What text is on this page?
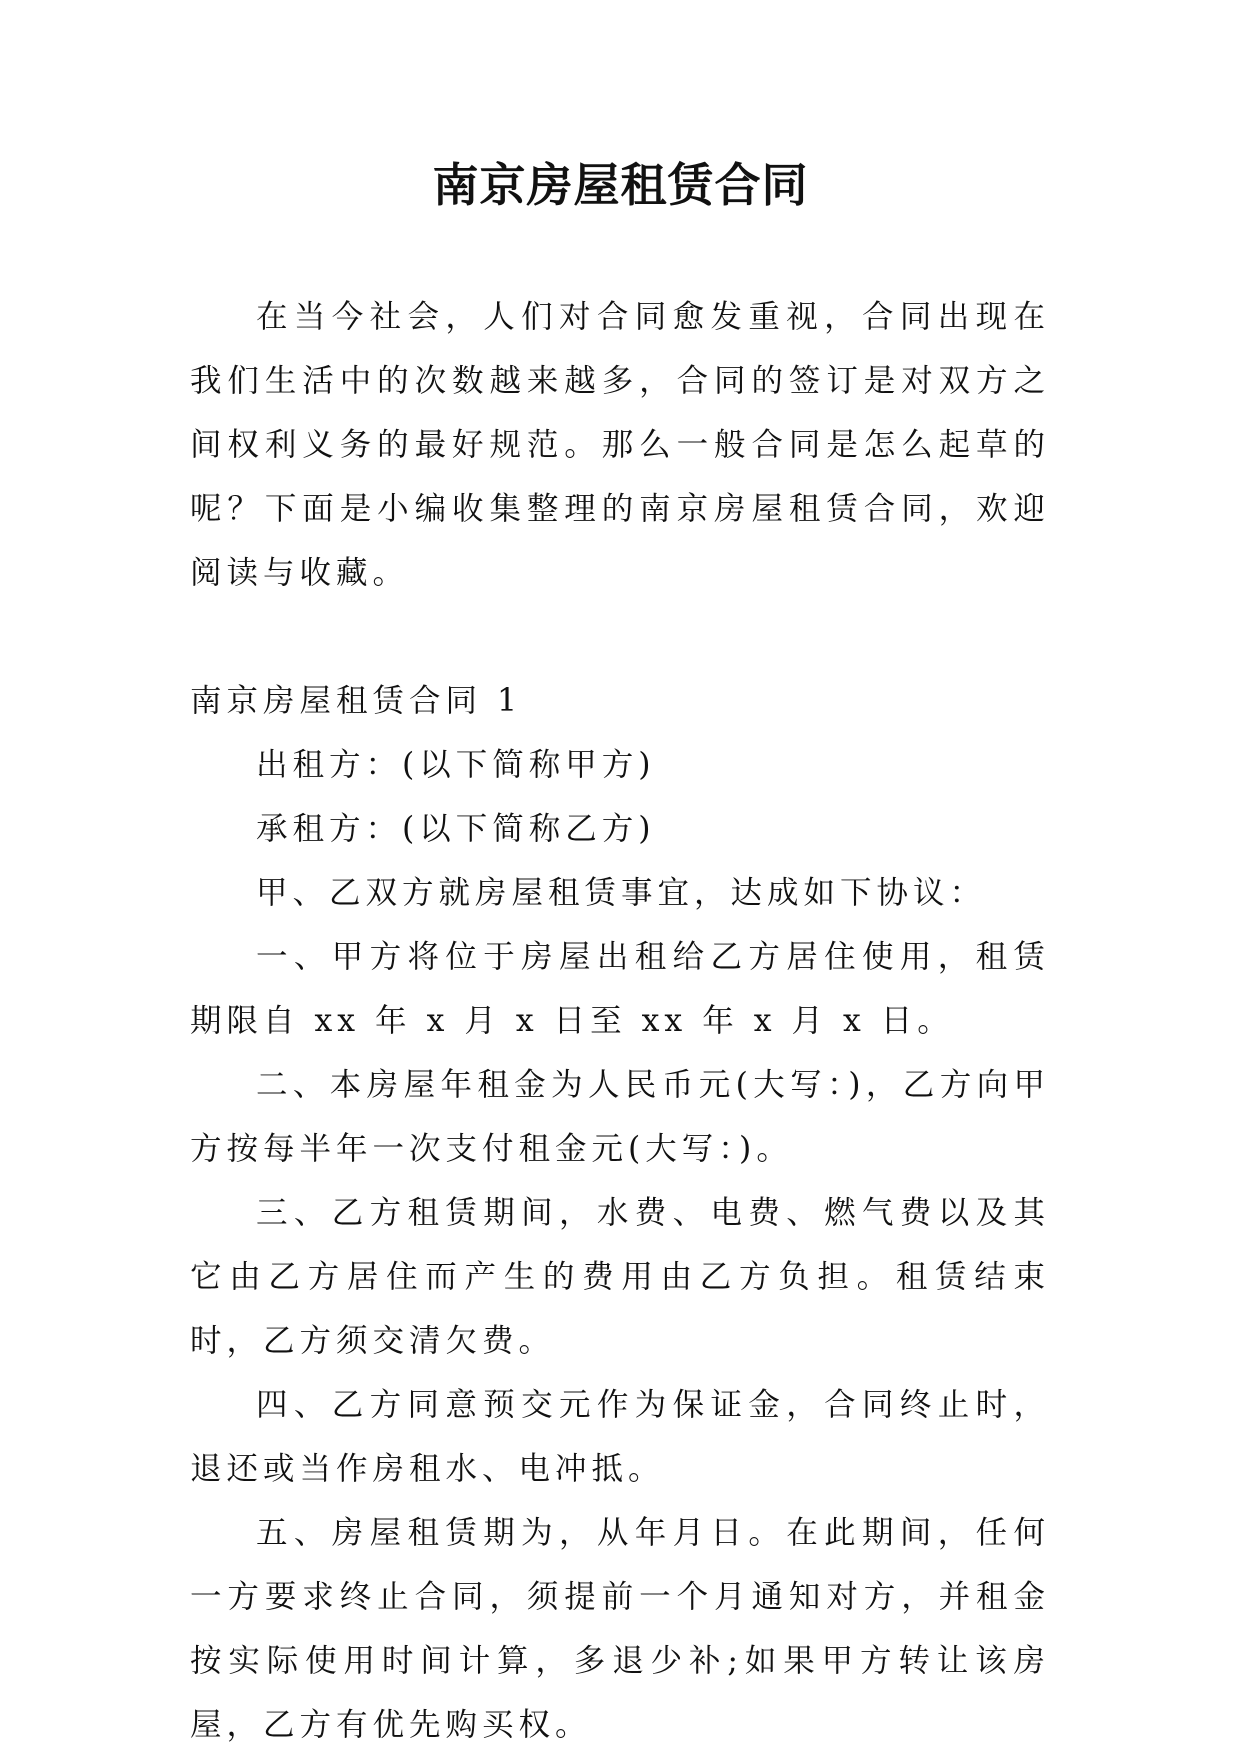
南京房屋租赁合同

在当今社会，人们对合同愈发重视，合同出现在我们生活中的次数越来越多，合同的签订是对双方之间权利义务的最好规范。那么一般合同是怎么起草的呢？下面是小编收集整理的南京房屋租赁合同，欢迎阅读与收藏。

南京房屋租赁合同 1

出租方：(以下简称甲方)

承租方：(以下简称乙方)

甲、乙双方就房屋租赁事宜，达成如下协议：

一、甲方将位于房屋出租给乙方居住使用，租赁期限自 xx 年 x 月 x 日至 xx 年 x 月 x 日。

二、本房屋年租金为人民币元(大写：)，乙方向甲方按每半年一次支付租金元(大写：)。

三、乙方租赁期间，水费、电费、燃气费以及其它由乙方居住而产生的费用由乙方负担。租赁结束时，乙方须交清欠费。

四、乙方同意预交元作为保证金，合同终止时，退还或当作房租水、电冲抵。

五、房屋租赁期为，从年月日。在此期间，任何一方要求终止合同，须提前一个月通知对方，并租金按实际使用时间计算，多退少补;如果甲方转让该房屋，乙方有优先购买权。
